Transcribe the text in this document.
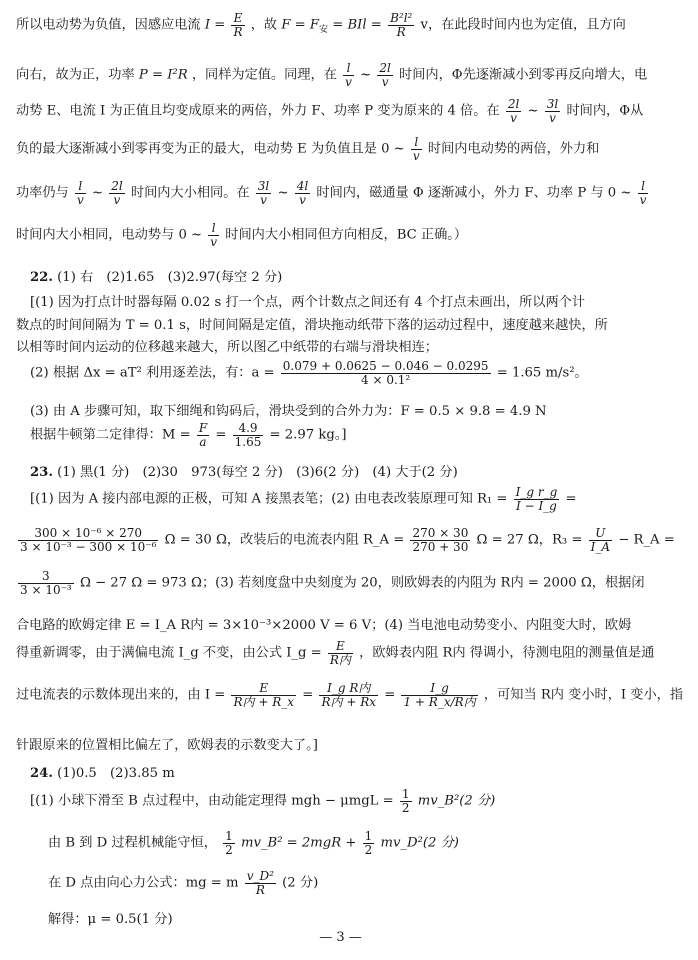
所以电动势为负值，因感应电流 $I = \frac{E}{R}$ ，故 $F = F_安$ = BIl = $\frac{\text{B²l²}}{R}$ v，在此段时间内也为定值，且方向
向右，故为正，功率 P = I²R ，同样为定值。同理，在 $\frac{l}{v}$ ~ $\frac{2l}{v}$ 时间内，Φ先逐渐减小到零再反向增大，电
动势 E、电流 I 为正值且均变成原来的两倍，外力 F、功率 P 变为原来的 4 倍。在 $\frac{2l}{v}$ ~ $\frac{3l}{v}$ 时间内，Φ从
负的最大逐渐减小到零再变为正的最大，电动势 E 为负值且是 0 ~ $\frac{l}{v}$ 时间内电动势的两倍，外力和
功率仍与 $\frac{l}{v}$ ~ $\frac{2l}{v}$ 时间内大小相同。在 $\frac{3l}{v}$ ~ $\frac{4l}{v}$ 时间内，磁通量 Φ 逐渐减小，外力 F、功率 P 与 0 ~ $\frac{l}{v}$
时间内大小相同，电动势与 0 ~ $\frac{l}{v}$ 时间内大小相同但方向相反，BC 正确。）
22. (1) 右　(2)1.65　(3)2.97(每空 2 分)
[(1) 因为打点计时器每隔 0.02 s 打一个点，两个计数点之间还有 4 个打点未画出，所以两个计
数点的时间间隔为 T = 0.1 s，时间间隔是定值，滑块拖动纸带下落的运动过程中，速度越来越快，所
以相等时间内运动的位移越来越大，所以图乙中纸带的右端与滑块相连；
(2) 根据 Δx = aT² 利用逐差法，有：$a = \frac{0.079 + 0.0625 - 0.046 - 0.0295}{\text{4 × 0.1²}} = 1.65$ m/s²。
(3) 由 A 步骤可知，取下细绳和钩码后，滑块受到的合外力为：F = 0.5 × 9.8 = 4.9 N
根据牛顿第二定律得：$M = \frac{F}{a} = \frac{4.9}{1.65} = 2.97$ kg。]
23. (1) 黑(1 分)　(2)30　973(每空 2 分)　(3)6(2 分)　(4) 大于(2 分)
[(1) 因为 A 接内部电源的正极，可知 A 接黑表笔；(2) 由电表改装原理可知 $R_1 = \frac{\text{I\_g r\_g}}{I - I\_g}$ =
$\frac{\text{300 × 10⁻⁶ × 270}}{\text{3 × 10⁻³ − 300 × 10⁻⁶}}$ Ω = 30 Ω，改装后的电流表内阻 R_A = $\frac{270 \times 30}{270 + 30}$ Ω = 27 Ω，$R_3 = \frac{U}{I\_A}$ − R_A =
$\frac{3}{\text{3 × 10⁻³}}$ Ω − 27 Ω = 973 Ω；(3) 若刻度盘中央刻度为 20，则欧姆表的内阻为 R内 = 2000 Ω，根据闭
合电路的欧姆定律 E = I_A R内 = 3×10⁻³×2000 V = 6 V；(4) 当电池电动势变小、内阻变大时，欧姆
得重新调零，由于满偏电流 I_g 不变，由公式 I_g = $\frac{E}{\text{R内}}$ ，欧姆表内阻 R内 得调小，待测电阻的测量值是通
过电流表的示数体现出来的，由 $I = \frac{E}{\text{R内 + R\_x}} = \frac{\text{I\_g R内}}{\text{R内 + Rx}} = \frac{I\_g}{\text{1 + R\_x/R内}}$ ，可知当 R内 变小时，I 变小，指
针跟原来的位置相比偏左了，欧姆表的示数变大了。]
24. (1)0.5　(2)3.85 m
[(1) 小球下滑至 B 点过程中，由动能定理得 mgh − $\mu mgL = \frac{1}{2}$ mv_B²(2 分)
由 B 到 D 过程机械能守恒， $\frac{1}{2}$ mv_B² = $2mgR + \frac{1}{2}$ mv_D²(2 分)
在 D 点由向心力公式：mg = m $\frac{\text{v\_D²}}{R} (2$ 分)
解得：μ = 0.5(1 分)
— 3 —
